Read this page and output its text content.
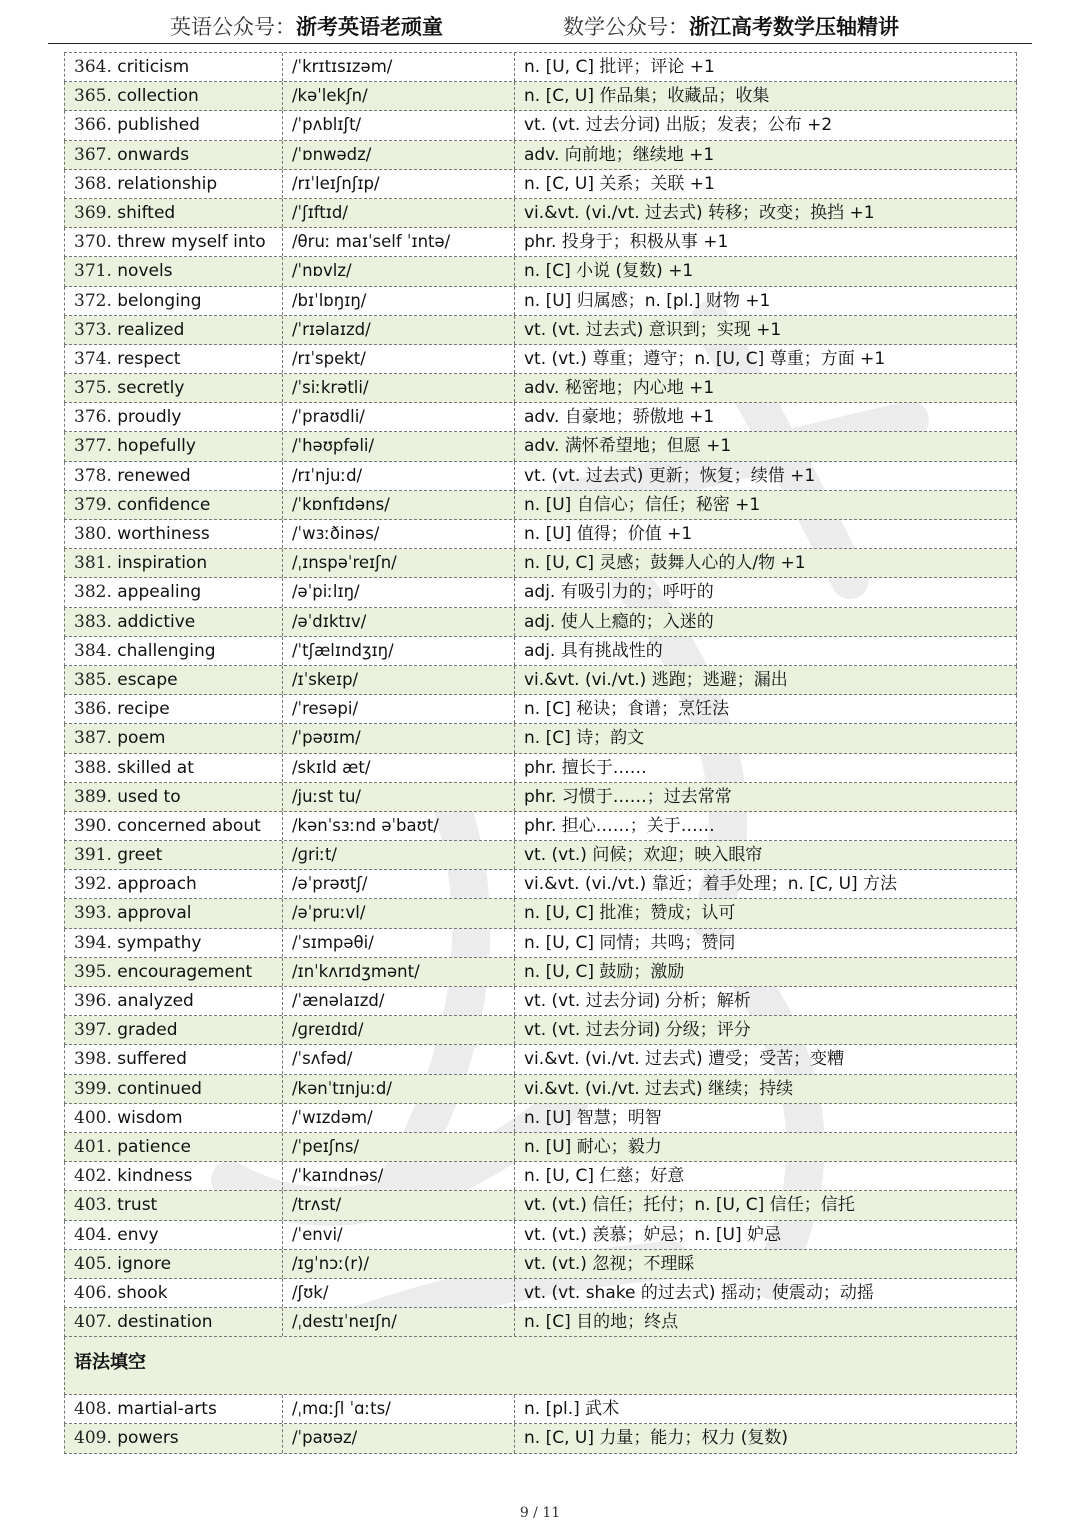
英语公众号：浙考英语老顽童	数学公众号：浙江高考数学压轴精讲
364. criticism	/ˈkrɪtɪsɪzəm/	n. [U, C] 批评；评论 +1
365. collection	/kəˈlekʃn/	n. [C, U] 作品集；收藏品；收集
366. published	/ˈpʌblɪʃt/	vt. (vt. 过去分词) 出版；发表；公布 +2
367. onwards	/ˈɒnwədz/	adv. 向前地；继续地 +1
368. relationship	/rɪˈleɪʃnʃɪp/	n. [C, U] 关系；关联 +1
369. shifted	/ˈʃɪftɪd/	vi.&vt. (vi./vt. 过去式) 转移；改变；换挡 +1
370. threw myself into	/θruː maɪˈself ˈɪntə/	phr. 投身于；积极从事 +1
371. novels	/ˈnɒvlz/	n. [C] 小说 (复数) +1
372. belonging	/bɪˈlɒŋɪŋ/	n. [U] 归属感；n. [pl.] 财物 +1
373. realized	/ˈrɪəlaɪzd/	vt. (vt. 过去式) 意识到；实现 +1
374. respect	/rɪˈspekt/	vt. (vt.) 尊重；遵守；n. [U, C] 尊重；方面 +1
375. secretly	/ˈsiːkrətli/	adv. 秘密地；内心地 +1
376. proudly	/ˈpraʊdli/	adv. 自豪地；骄傲地 +1
377. hopefully	/ˈhəʊpfəli/	adv. 满怀希望地；但愿 +1
378. renewed	/rɪˈnjuːd/	vt. (vt. 过去式) 更新；恢复；续借 +1
379. confidence	/ˈkɒnfɪdəns/	n. [U] 自信心；信任；秘密 +1
380. worthiness	/ˈwɜːðinəs/	n. [U] 值得；价值 +1
381. inspiration	/ˌɪnspəˈreɪʃn/	n. [U, C] 灵感；鼓舞人心的人/物 +1
382. appealing	/əˈpiːlɪŋ/	adj. 有吸引力的；呼吁的
383. addictive	/əˈdɪktɪv/	adj. 使人上瘾的；入迷的
384. challenging	/ˈtʃælɪndʒɪŋ/	adj. 具有挑战性的
385. escape	/ɪˈskeɪp/	vi.&vt. (vi./vt.) 逃跑；逃避；漏出
386. recipe	/ˈresəpi/	n. [C] 秘诀；食谱；烹饪法
387. poem	/ˈpəʊɪm/	n. [C] 诗；韵文
388. skilled at	/skɪld æt/	phr. 擅长于……
389. used to	/juːst tu/	phr. 习惯于……；过去常常
390. concerned about	/kənˈsɜːnd əˈbaʊt/	phr. 担心……；关于……
391. greet	/ɡriːt/	vt. (vt.) 问候；欢迎；映入眼帘
392. approach	/əˈprəʊtʃ/	vi.&vt. (vi./vt.) 靠近；着手处理；n. [C, U] 方法
393. approval	/əˈpruːvl/	n. [U, C] 批准；赞成；认可
394. sympathy	/ˈsɪmpəθi/	n. [U, C] 同情；共鸣；赞同
395. encouragement	/ɪnˈkʌrɪdʒmənt/	n. [U, C] 鼓励；激励
396. analyzed	/ˈænəlaɪzd/	vt. (vt. 过去分词) 分析；解析
397. graded	/ɡreɪdɪd/	vt. (vt. 过去分词) 分级；评分
398. suffered	/ˈsʌfəd/	vi.&vt. (vi./vt. 过去式) 遭受；受苦；变糟
399. continued	/kənˈtɪnjuːd/	vi.&vt. (vi./vt. 过去式) 继续；持续
400. wisdom	/ˈwɪzdəm/	n. [U] 智慧；明智
401. patience	/ˈpeɪʃns/	n. [U] 耐心；毅力
402. kindness	/ˈkaɪndnəs/	n. [U, C] 仁慈；好意
403. trust	/trʌst/	vt. (vt.) 信任；托付；n. [U, C] 信任；信托
404. envy	/ˈenvi/	vt. (vt.) 羡慕；妒忌；n. [U] 妒忌
405. ignore	/ɪɡˈnɔː(r)/	vt. (vt.) 忽视；不理睬
406. shook	/ʃʊk/	vt. (vt. shake 的过去式) 摇动；使震动；动摇
407. destination	/ˌdestɪˈneɪʃn/	n. [C] 目的地；终点
语法填空
408. martial-arts	/ˌmɑːʃl ˈɑːts/	n. [pl.] 武术
409. powers	/ˈpaʊəz/	n. [C, U] 力量；能力；权力 (复数)
9 / 11
